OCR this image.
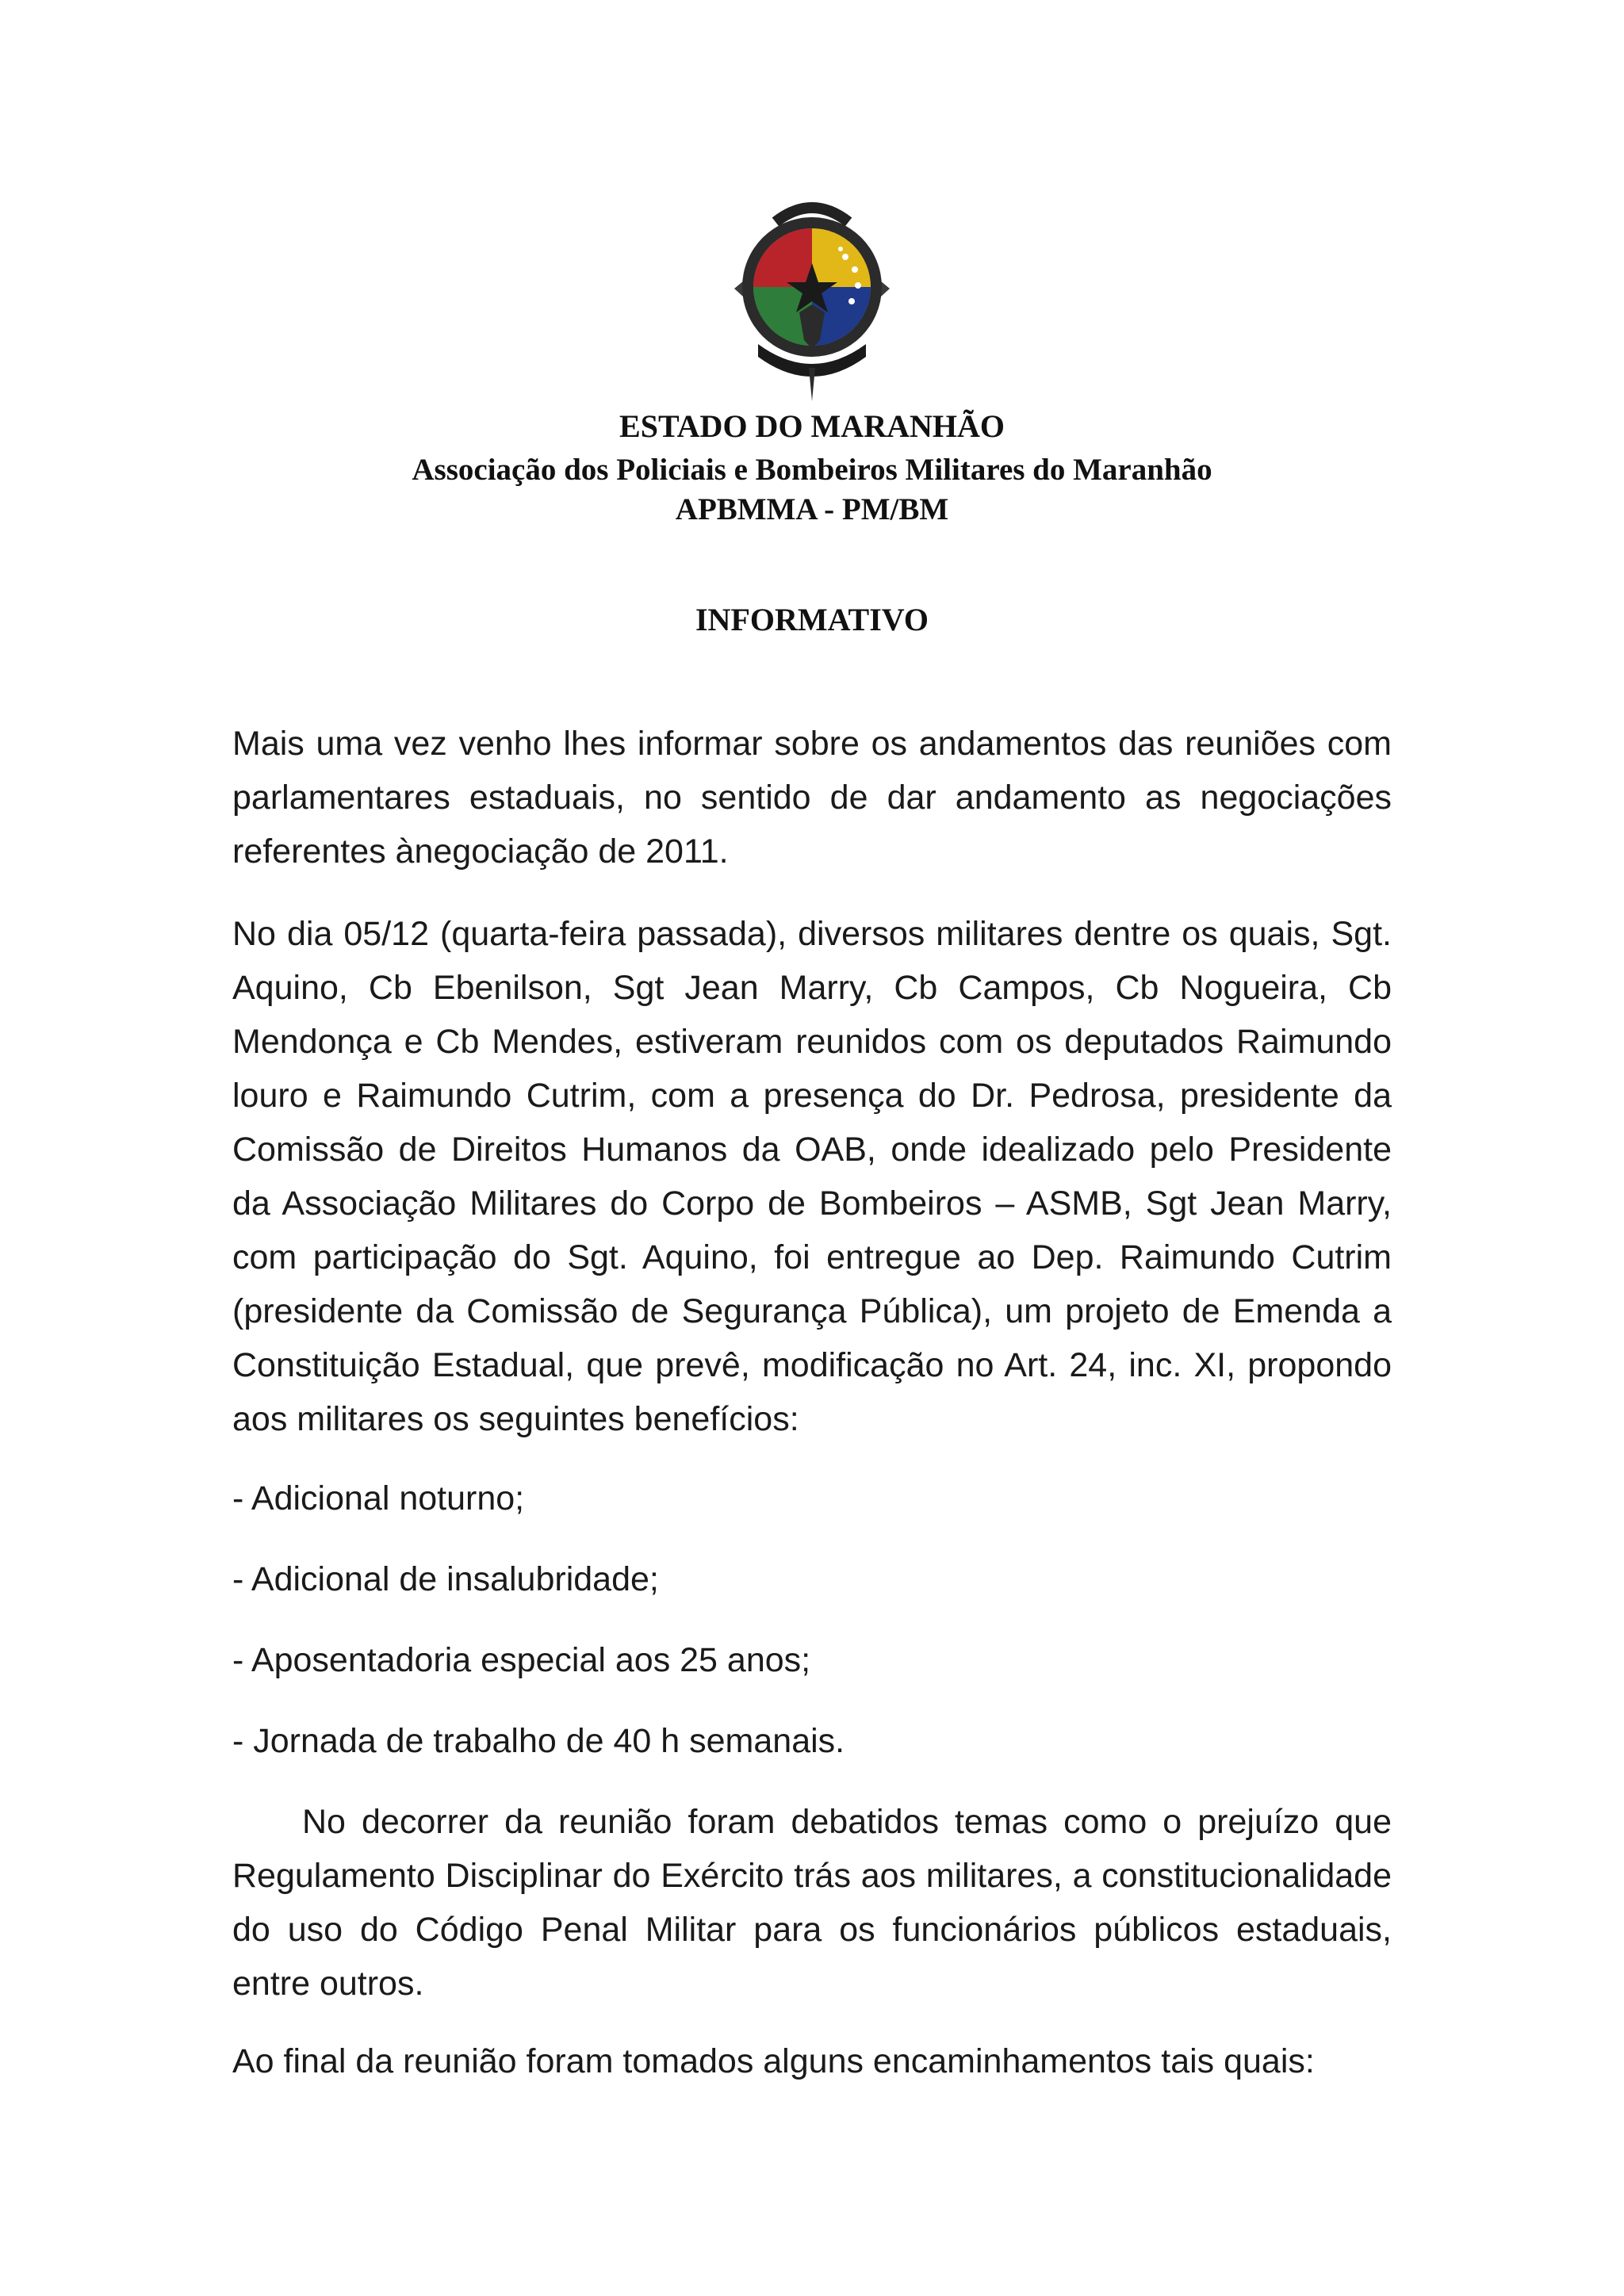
ESTADO DO MARANHÃO
Associação dos Policiais e Bombeiros Militares do Maranhão
APBMMA - PM/BM
INFORMATIVO

Mais uma vez venho lhes informar sobre os andamentos das reuniões com parlamentares estaduais, no sentido de dar andamento as negociações referentes ànegociação de 2011.

No dia 05/12 (quarta-feira passada), diversos militares dentre os quais, Sgt. Aquino, Cb Ebenilson, Sgt Jean Marry, Cb Campos, Cb Nogueira, Cb Mendonça e Cb Mendes, estiveram reunidos com os deputados Raimundo louro e Raimundo Cutrim, com a presença do Dr. Pedrosa, presidente da Comissão de Direitos Humanos da OAB, onde idealizado pelo Presidente da Associação Militares do Corpo de Bombeiros – ASMB, Sgt Jean Marry, com participação do Sgt. Aquino, foi entregue ao Dep. Raimundo Cutrim (presidente da Comissão de Segurança Pública), um projeto de Emenda a Constituição Estadual, que prevê, modificação no Art. 24, inc. XI, propondo aos militares os seguintes benefícios:

- Adicional noturno;

- Adicional de insalubridade;

- Aposentadoria especial aos 25 anos;

- Jornada de trabalho de 40 h semanais.

No decorrer da reunião foram debatidos temas como o prejuízo que Regulamento Disciplinar do Exército trás aos militares, a constitucionalidade do uso do Código Penal Militar para os funcionários públicos estaduais, entre outros.

Ao final da reunião foram tomados alguns encaminhamentos tais quais:
